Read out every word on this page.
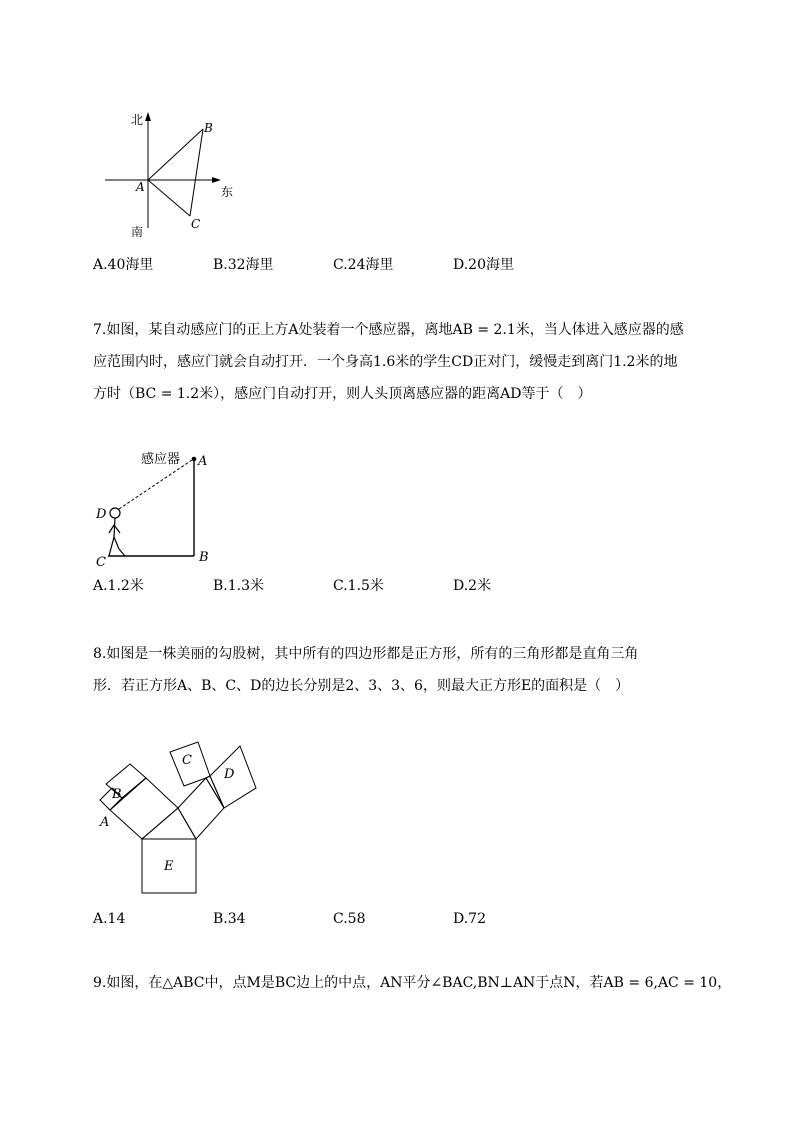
北
南
东
A
B
C
A.40海里	B.32海里	C.24海里	D.20海里
7.如图，某自动感应门的正上方A处装着一个感应器，离地AB = 2.1米，当人体进入感应器的感
应范围内时，感应门就会自动打开．一个身高1.6米的学生CD正对门，缓慢走到离门1.2米的地
方时（BC = 1.2米），感应门自动打开，则人头顶离感应器的距离AD等于（　）
感应器 A
B
C
D
A.1.2米	B.1.3米	C.1.5米	D.2米
8.如图是一株美丽的勾股树，其中所有的四边形都是正方形，所有的三角形都是直角三角
形．若正方形A、B、C、D的边长分别是2、3、3、6，则最大正方形E的面积是（　）
A
B
C
D
E
A.14	B.34	C.58	D.72
9.如图，在△ABC中，点M是BC边上的中点，AN平分∠BAC,BN⊥AN于点N，若AB = 6,AC = 10，
